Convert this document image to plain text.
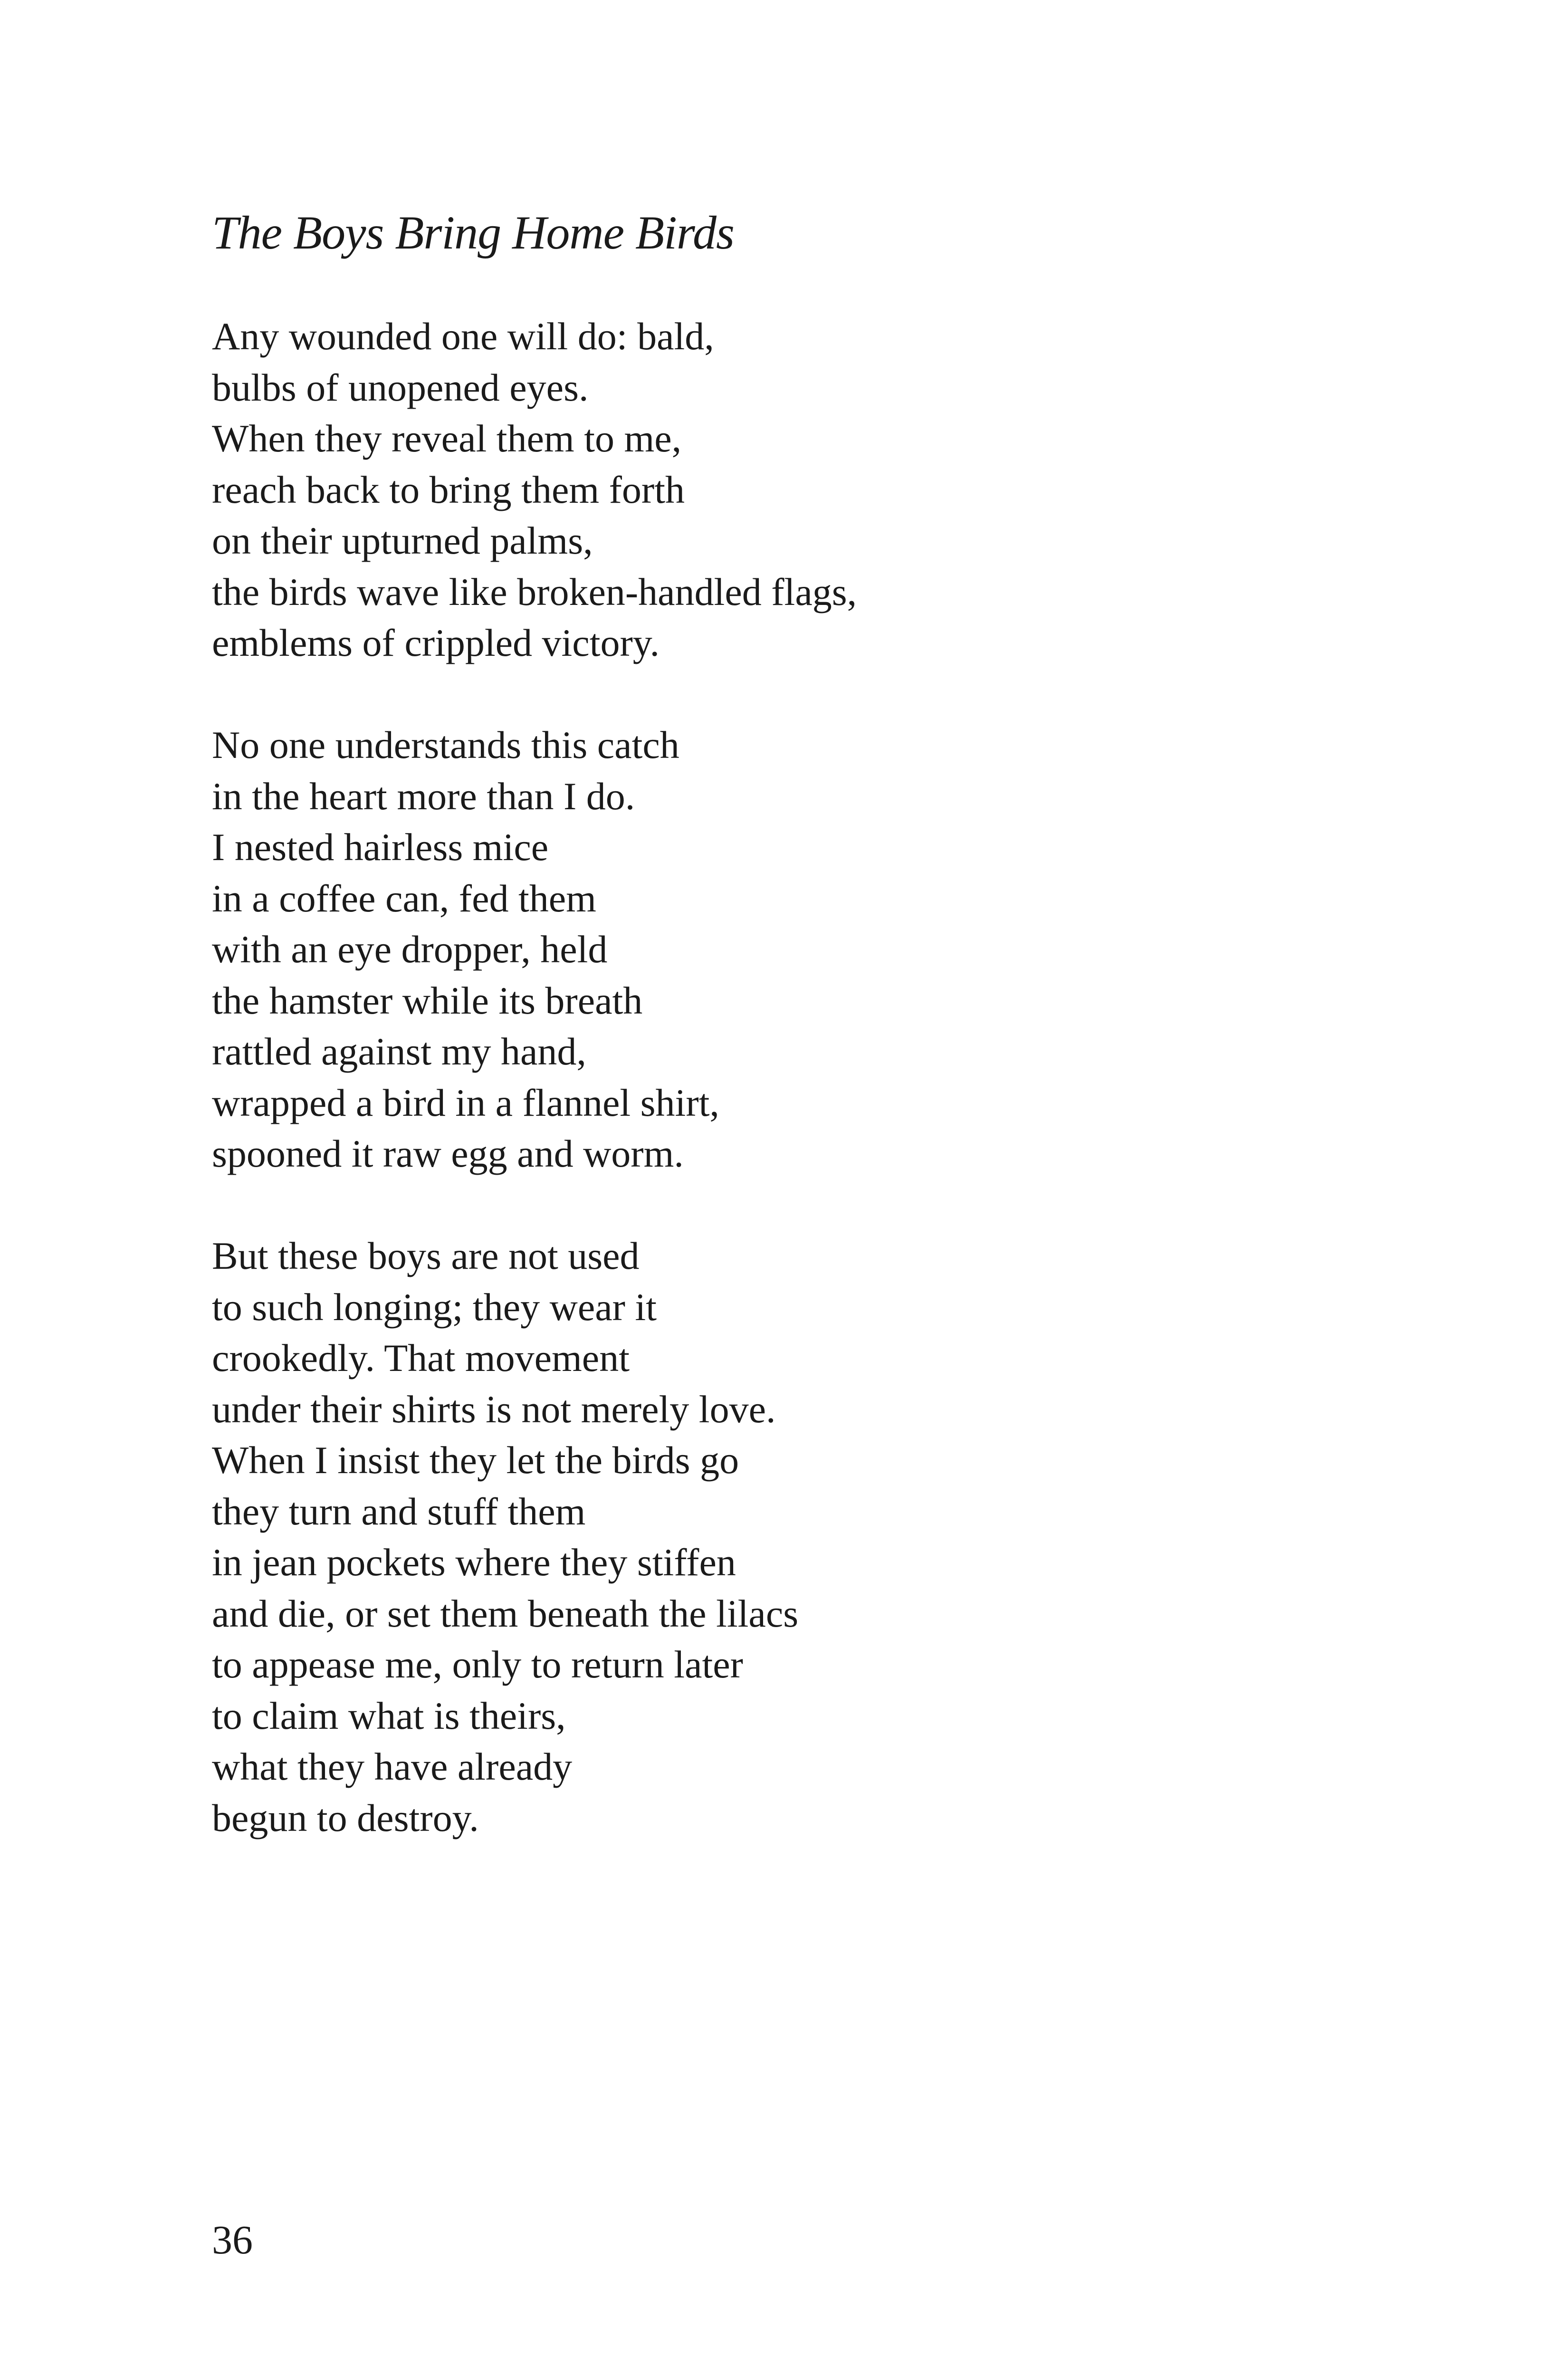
The Boys Bring Home Birds
Any wounded one will do: bald,
bulbs of unopened eyes.
When they reveal them to me,
reach back to bring them forth
on their upturned palms,
the birds wave like broken-handled flags,
emblems of crippled victory.
No one understands this catch
in the heart more than I do.
I nested hairless mice
in a coffee can, fed them
with an eye dropper, held
the hamster while its breath
rattled against my hand,
wrapped a bird in a flannel shirt,
spooned it raw egg and worm.
But these boys are not used
to such longing; they wear it
crookedly. That movement
under their shirts is not merely love.
When I insist they let the birds go
they turn and stuff them
in jean pockets where they stiffen
and die, or set them beneath the lilacs
to appease me, only to return later
to claim what is theirs,
what they have already
begun to destroy.
36
